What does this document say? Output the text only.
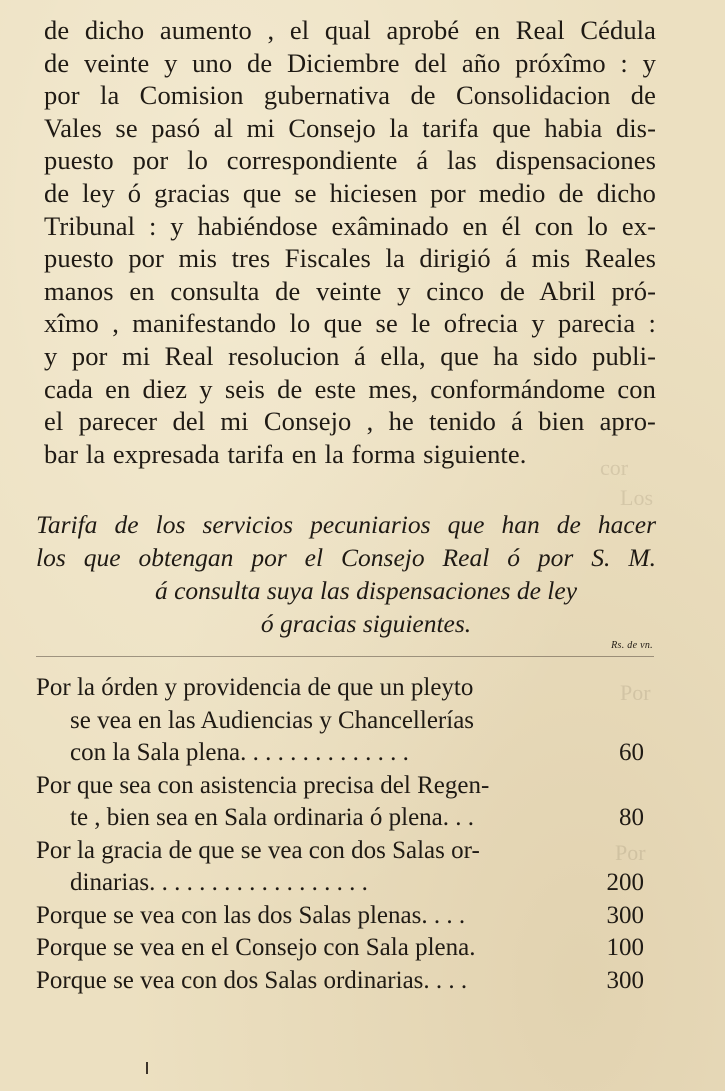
cor
Los
Por
Por
de dicho aumento , el qual aprobé en Real Cédula
de veinte y uno de Diciembre del año próxîmo : y
por la Comision gubernativa de Consolidacion de
Vales se pasó al mi Consejo la tarifa que habia dis-
puesto por lo correspondiente á las dispensaciones
de ley ó gracias que se hiciesen por medio de dicho
Tribunal : y habiéndose exâminado en él con lo ex-
puesto por mis tres Fiscales la dirigió á mis Reales
manos en consulta de veinte y cinco de Abril pró-
xîmo , manifestando lo que se le ofrecia y parecia :
y por mi Real resolucion á ella, que ha sido publi-
cada en diez y seis de este mes, conformándome con
el parecer del mi Consejo , he tenido á bien apro-
bar la expresada tarifa en la forma siguiente.
Tarifa de los servicios pecuniarios que han de hacer
los que obtengan por el Consejo Real ó por S. M.
á consulta suya las dispensaciones de ley
ó gracias siguientes.
Rs. de vn.
Por la órden y providencia de que un pleyto
se vea en las Audiencias y Chancellerías
con la Sala plena. . . . . . . . . . . . . .	60
Por que sea con asistencia precisa del Regen-
te , bien sea en Sala ordinaria ó plena. . .	80
Por la gracia de que se vea con dos Salas or-
dinarias. . . . . . . . . . . . . . . . . .	200
Porque se vea con las dos Salas plenas. . . .	300
Porque se vea en el Consejo con Sala plena.	100
Porque se vea con dos Salas ordinarias. . . .	300
